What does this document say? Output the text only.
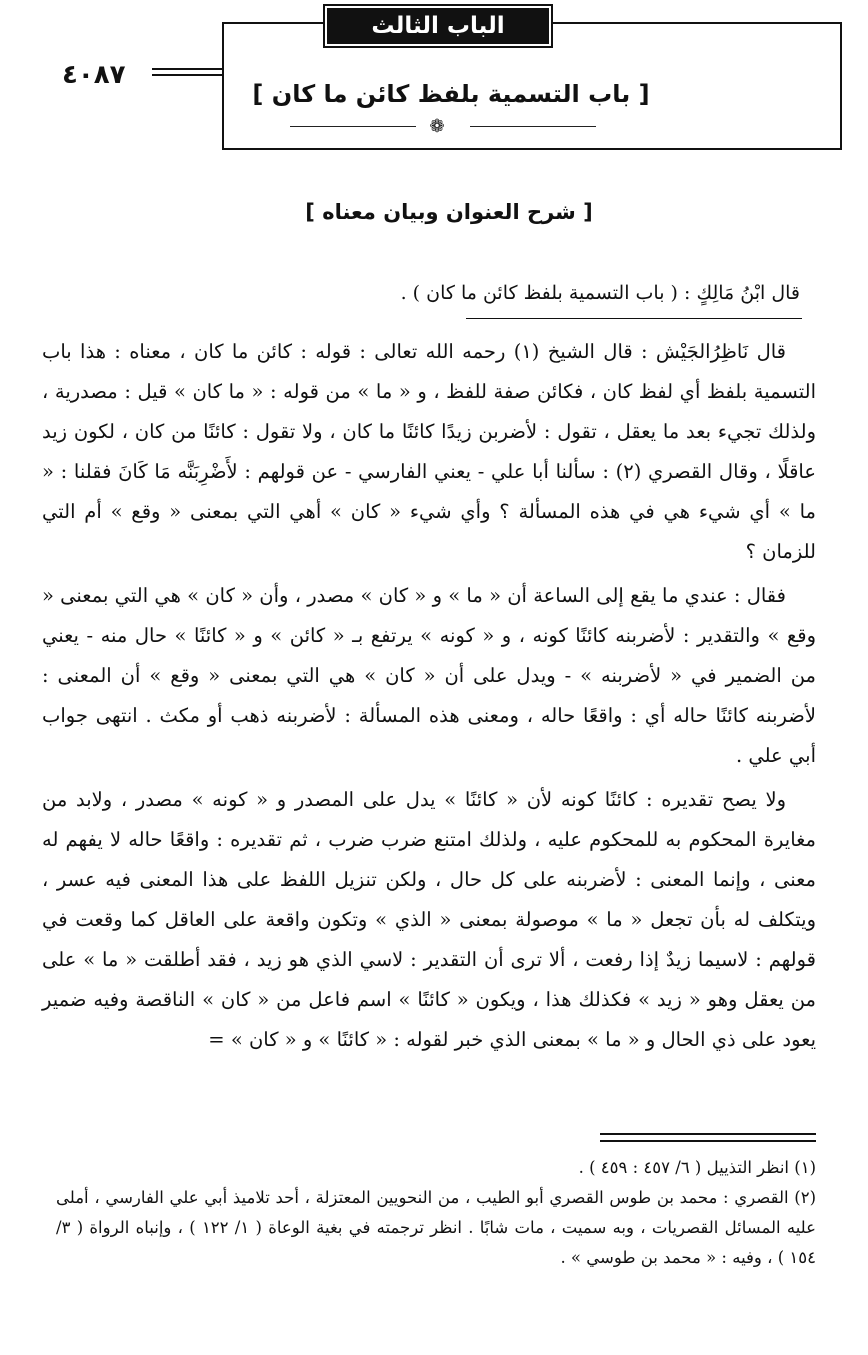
الباب الثالث والستون
٤٠٨٧
[ باب التسمية بلفظ كائن ما كان ]
❁
[ شرح العنوان وبيان معناه ]
قال ابْنُ مَالِكٍ : ( باب التسمية بلفظ كائن ما كان ) .

قال نَاظِرُالجَيْش : قال الشيخ (١) رحمه الله تعالى : قوله : كائن ما كان ، معناه : هذا باب التسمية بلفظ أي لفظ كان ، فكائن صفة للفظ ، و « ما » من قوله : « ما كان » قيل : مصدرية ، ولذلك تجيء بعد ما يعقل ، تقول : لأضربن زيدًا كائنًا ما كان ، ولا تقول : كائنًا من كان ، لكون زيد عاقلًا ، وقال القصري (٢) : سألنا أبا علي - يعني الفارسي - عن قولهم : لأَضْرِبَنَّه مَا كَانَ فقلنا : « ما » أي شيء هي في هذه المسألة ؟ وأي شيء « كان » أهي التي بمعنى « وقع » أم التي للزمان ؟

فقال : عندي ما يقع إلى الساعة أن « ما » و « كان » مصدر ، وأن « كان » هي التي بمعنى « وقع » والتقدير : لأضربنه كائنًا كونه ، و « كونه » يرتفع بـ « كائن » و « كائنًا » حال منه - يعني من الضمير في « لأضربنه » - ويدل على أن « كان » هي التي بمعنى « وقع » أن المعنى : لأضربنه كائنًا حاله أي : واقعًا حاله ، ومعنى هذه المسألة : لأضربنه ذهب أو مكث . انتهى جواب أبي علي .

ولا يصح تقديره : كائنًا كونه لأن « كائنًا » يدل على المصدر و « كونه » مصدر ، ولابد من مغايرة المحكوم به للمحكوم عليه ، ولذلك امتنع ضرب ضرب ، ثم تقديره : واقعًا حاله لا يفهم له معنى ، وإنما المعنى : لأضربنه على كل حال ، ولكن تنزيل اللفظ على هذا المعنى فيه عسر ، ويتكلف له بأن تجعل « ما » موصولة بمعنى « الذي » وتكون واقعة على العاقل كما وقعت في قولهم : لاسيما زيدٌ إذا رفعت ، ألا ترى أن التقدير : لاسي الذي هو زيد ، فقد أطلقت « ما » على من يعقل وهو « زيد » فكذلك هذا ، ويكون « كائنًا » اسم فاعل من « كان » الناقصة وفيه ضمير يعود على ذي الحال و « ما » بمعنى الذي خبر لقوله : « كائنًا » و « كان » =

(١) انظر التذييل ( ٦/ ٤٥٧ : ٤٥٩ ) .

(٢) القصري : محمد بن طوس القصري أبو الطيب ، من النحويين المعتزلة ، أحد تلاميذ أبي علي الفارسي ، أملى عليه المسائل القصريات ، وبه سميت ، مات شابًا . انظر ترجمته في بغية الوعاة ( ١/ ١٢٢ ) ، وإنباه الرواة ( ٣/ ١٥٤ ) ، وفيه : « محمد بن طوسي » .
